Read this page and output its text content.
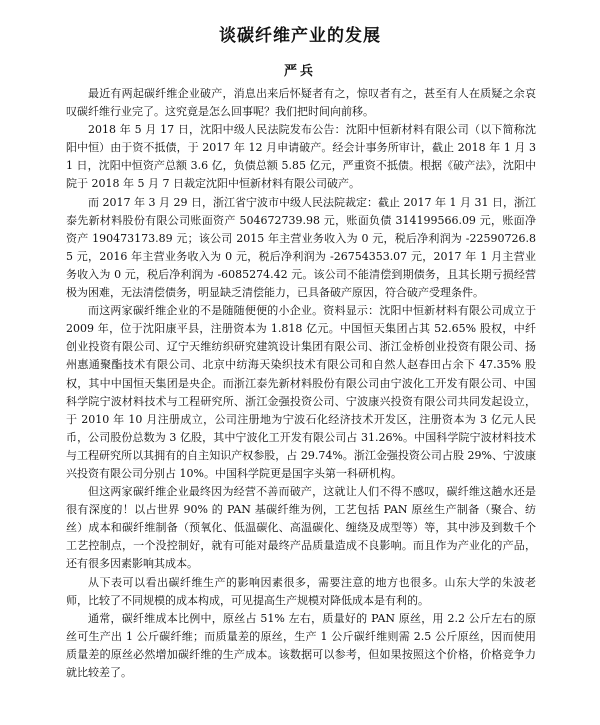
谈碳纤维产业的发展
严兵

最近有两起碳纤维企业破产，消息出来后怀疑者有之，惊叹者有之，甚至有人在质疑之余哀叹碳纤维行业完了。这究竟是怎么回事呢？我们把时间向前移。

2018 年 5 月 17 日，沈阳中级人民法院发布公告：沈阳中恒新材料有限公司（以下简称沈阳中恒）由于资不抵债，于 2017 年 12 月申请破产。经会计事务所审计，截止 2018 年 1 月 31 日，沈阳中恒资产总额 3.6 亿，负债总额 5.85 亿元，严重资不抵债。根据《破产法》，沈阳中院于 2018 年 5 月 7 日裁定沈阳中恒新材料有限公司破产。

而 2017 年 3 月 29 日，浙江省宁波市中级人民法院裁定：截止 2017 年 1 月 31 日，浙江泰先新材料股份有限公司账面资产 504672739.98 元，账面负债 314199566.09 元，账面净资产 190473173.89 元；该公司 2015 年主营业务收入为 0 元，税后净利润为 -22590726.85 元，2016 年主营业务收入为 0 元，税后净利润为 -26754353.07 元，2017 年 1 月主营业务收入为 0 元，税后净利润为 -6085274.42 元。该公司不能清偿到期债务，且其长期亏损经营极为困难，无法清偿债务，明显缺乏清偿能力，已具备破产原因，符合破产受理条件。

而这两家碳纤维企业的不是随随便便的小企业。资料显示：沈阳中恒新材料有限公司成立于 2009 年，位于沈阳康平县，注册资本为 1.818 亿元。中国恒天集团占其 52.65% 股权，中纤创业投资有限公司、辽宁天维纺织研究建筑设计集团有限公司、浙江金桥创业投资有限公司、扬州惠通聚酯技术有限公司、北京中纺海天染织技术有限公司和自然人赵春田占余下 47.35% 股权，其中中国恒天集团是央企。而浙江泰先新材料股份有限公司由宁波化工开发有限公司、中国科学院宁波材料技术与工程研究所、浙江金强投资公司、宁波康兴投资有限公司共同发起设立，于 2010 年 10 月注册成立，公司注册地为宁波石化经济技术开发区，注册资本为 3 亿元人民币，公司股份总数为 3 亿股，其中宁波化工开发有限公司占 31.26%。中国科学院宁波材料技术与工程研究所以其拥有的自主知识产权参股，占 29.74%。浙江金强投资公司占股 29%、宁波康兴投资有限公司分别占 10%。中国科学院更是国字头第一科研机构。

但这两家碳纤维企业最终因为经营不善而破产，这就让人们不得不感叹，碳纤维这趟水还是很有深度的！以占世界 90% 的 PAN 基碳纤维为例，工艺包括 PAN 原丝生产制备（聚合、纺丝）成本和碳纤维制备（预氧化、低温碳化、高温碳化、缠绕及成型等）等，其中涉及到数千个工艺控制点，一个没控制好，就有可能对最终产品质量造成不良影响。而且作为产业化的产品，还有很多因素影响其成本。

从下表可以看出碳纤维生产的影响因素很多，需要注意的地方也很多。山东大学的朱波老师，比较了不同规模的成本构成，可见提高生产规模对降低成本是有利的。

通常，碳纤维成本比例中，原丝占 51% 左右，质量好的 PAN 原丝，用 2.2 公斤左右的原丝可生产出 1 公斤碳纤维；而质量差的原丝，生产 1 公斤碳纤维则需 2.5 公斤原丝，因而使用质量差的原丝必然增加碳纤维的生产成本。该数据可以参考，但如果按照这个价格，价格竞争力就比较差了。
